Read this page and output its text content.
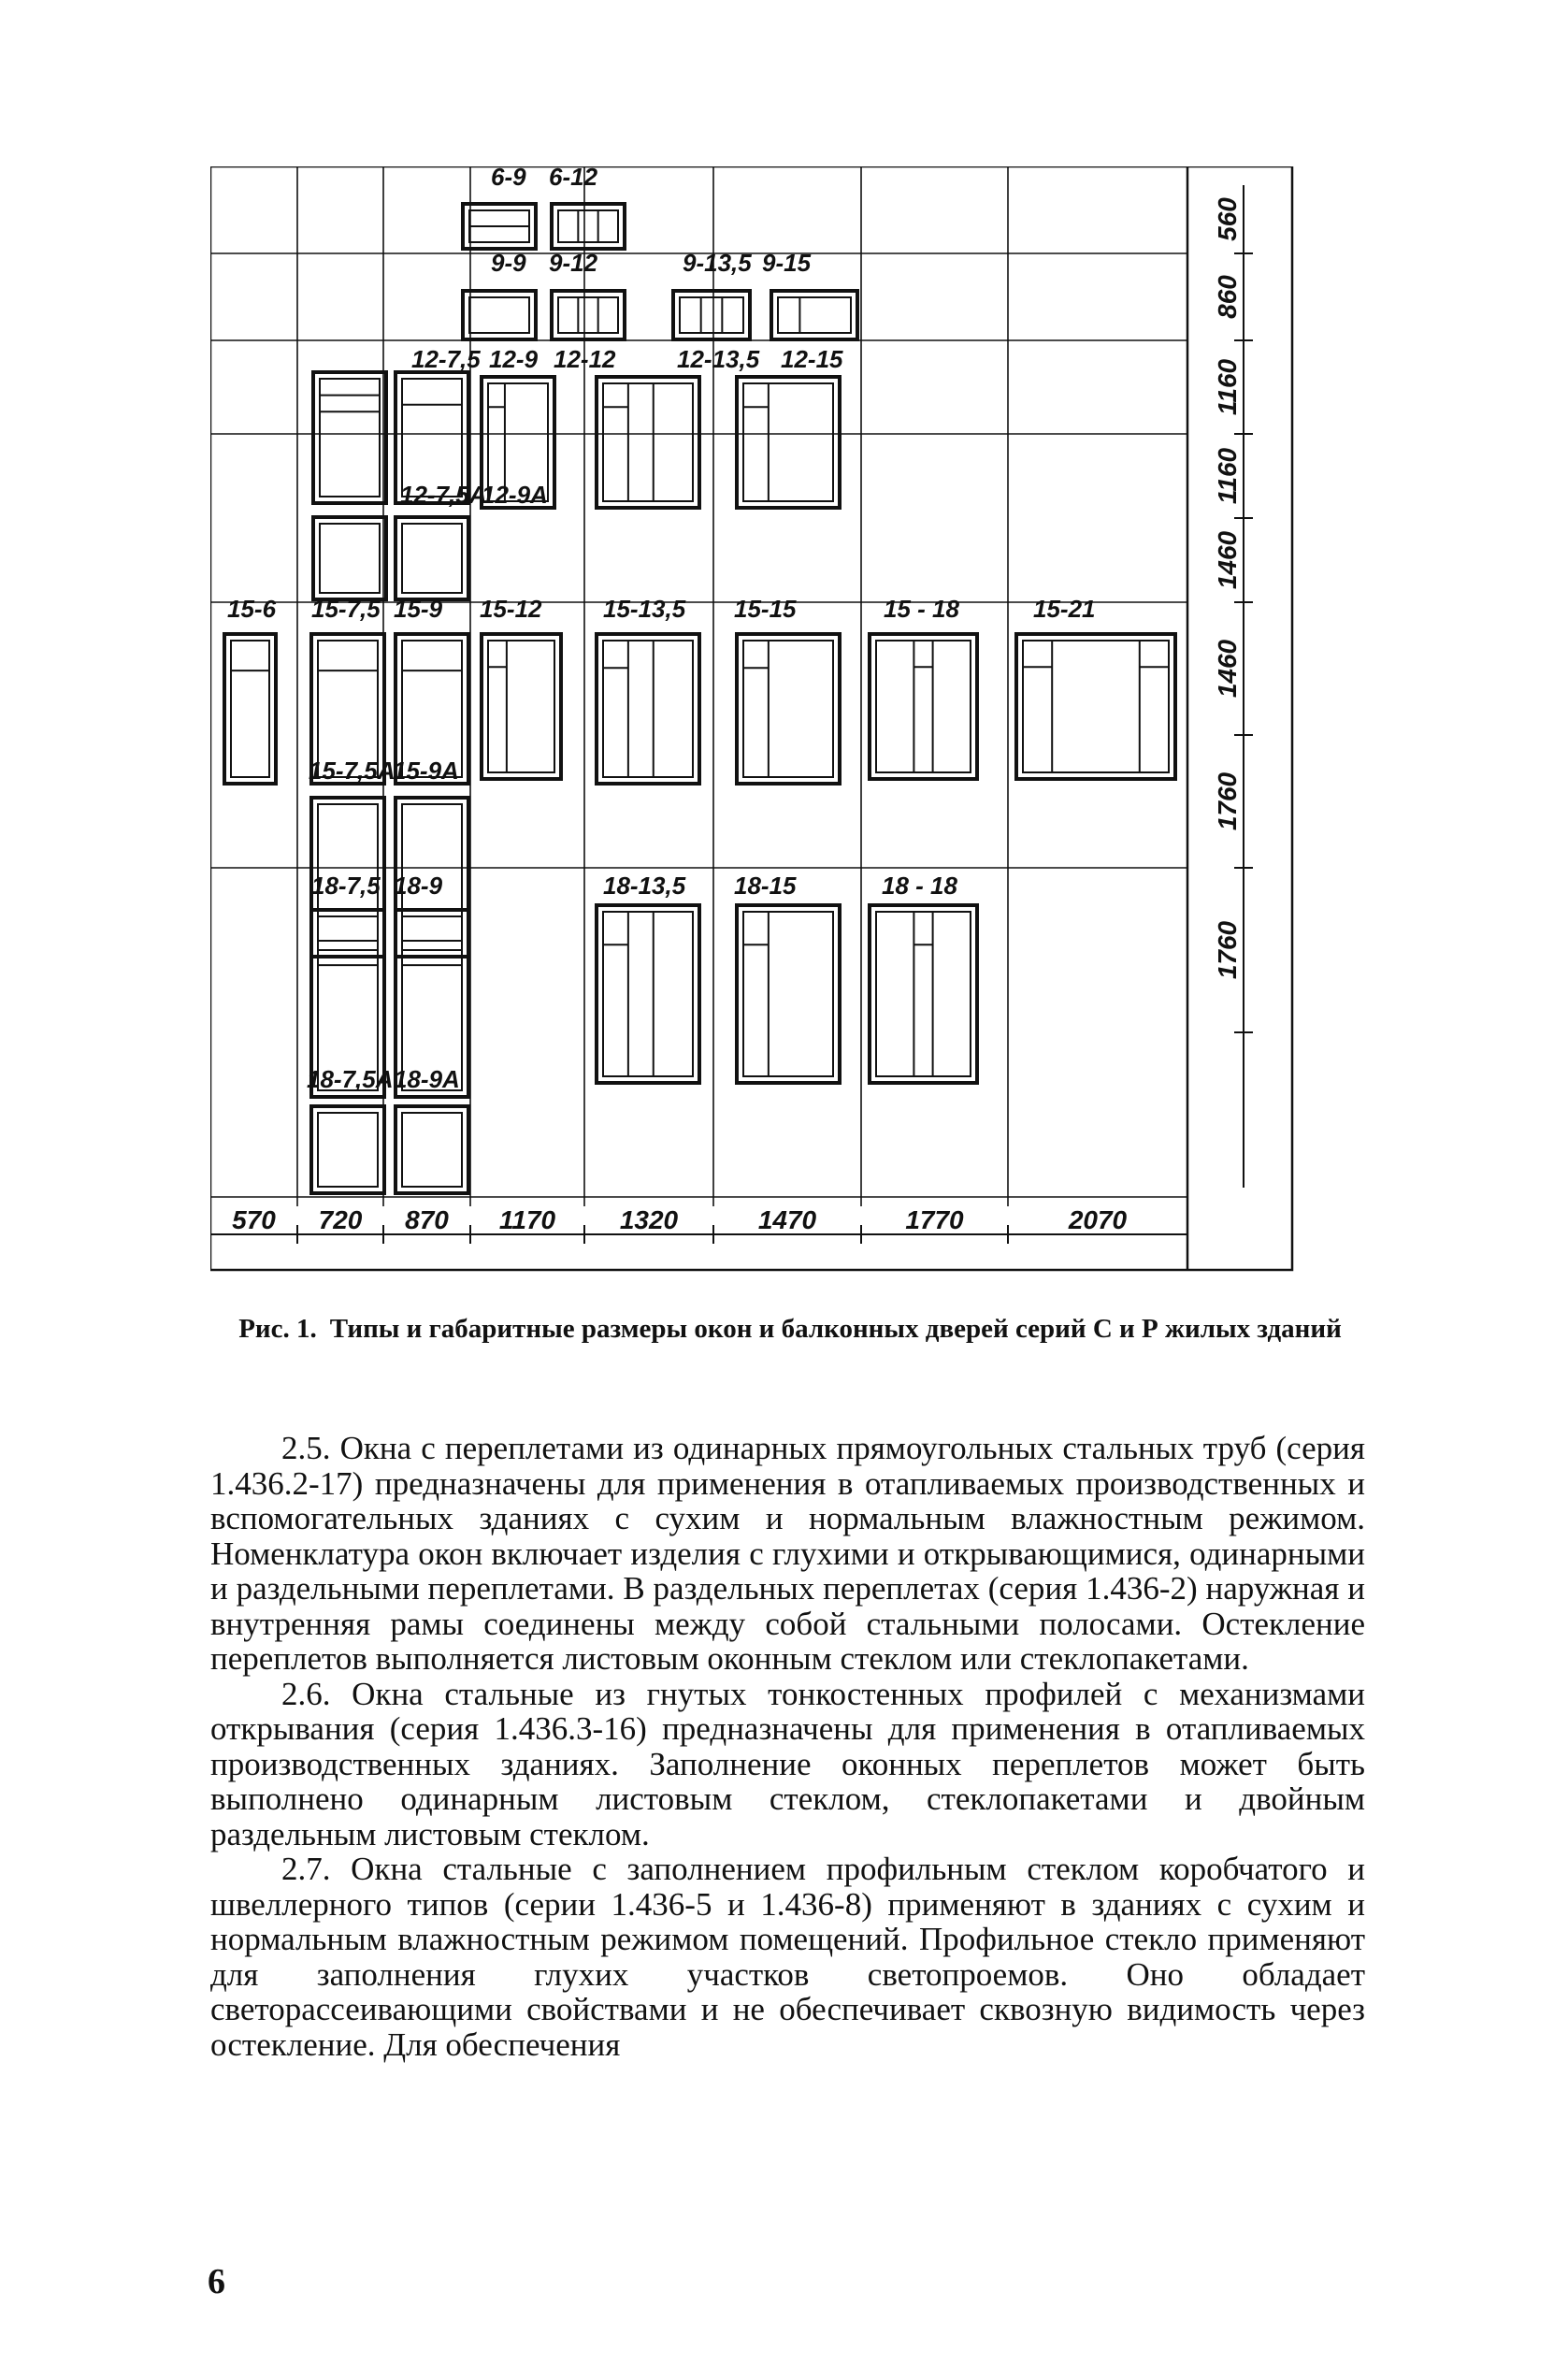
6-9 6-12
9-9 9-12	9-13,5 9-15
12-7,5 12-9 12-12	12-13,5 12-15
12-7,5A
12-9A
15-6 15-7,5 15-9 15-12	15-13,5 15-15	15 - 18	15-21
15-7,5A
15-9A
18-7,5 18-9	18-13,5 18-15	18 - 18
18-7,5A 18-9A
570 720 870 1170 1320	1470	1770	2070
560
860
1160
1160
1460
1460
1760
1760
Рис. 1. Типы и габаритные размеры окон и балконных дверей серий С и Р жилых зданий

2.5. Окна с переплетами из одинарных прямоугольных стальных труб (серия 1.436.2-17) предназначены для применения в отапливаемых производственных и вспомогательных зданиях с сухим и нормальным влажностным режимом. Номенклатура окон включает изделия с глухими и открывающимися, одинарными и раздельными переплетами. В раздельных переплетах (серия 1.436-2) наружная и внутренняя рамы соединены между собой стальными полосами. Остекление переплетов выполняется листовым оконным стеклом или стеклопакетами.

2.6. Окна стальные из гнутых тонкостенных профилей с механизмами открывания (серия 1.436.3-16) предназначены для применения в отапливаемых производственных зданиях. Заполнение оконных переплетов может быть выполнено одинарным листовым стеклом, стеклопакетами и двойным раздельным листовым стеклом.

2.7. Окна стальные с заполнением профильным стеклом коробчатого и швеллерного типов (серии 1.436-5 и 1.436-8) применяют в зданиях с сухим и нормальным влажностным режимом помещений. Профильное стекло применяют для заполнения глухих участков светопроемов. Оно обладает светорассеивающими свойствами и не обеспечивает сквозную видимость через остекление. Для обеспечения

6
